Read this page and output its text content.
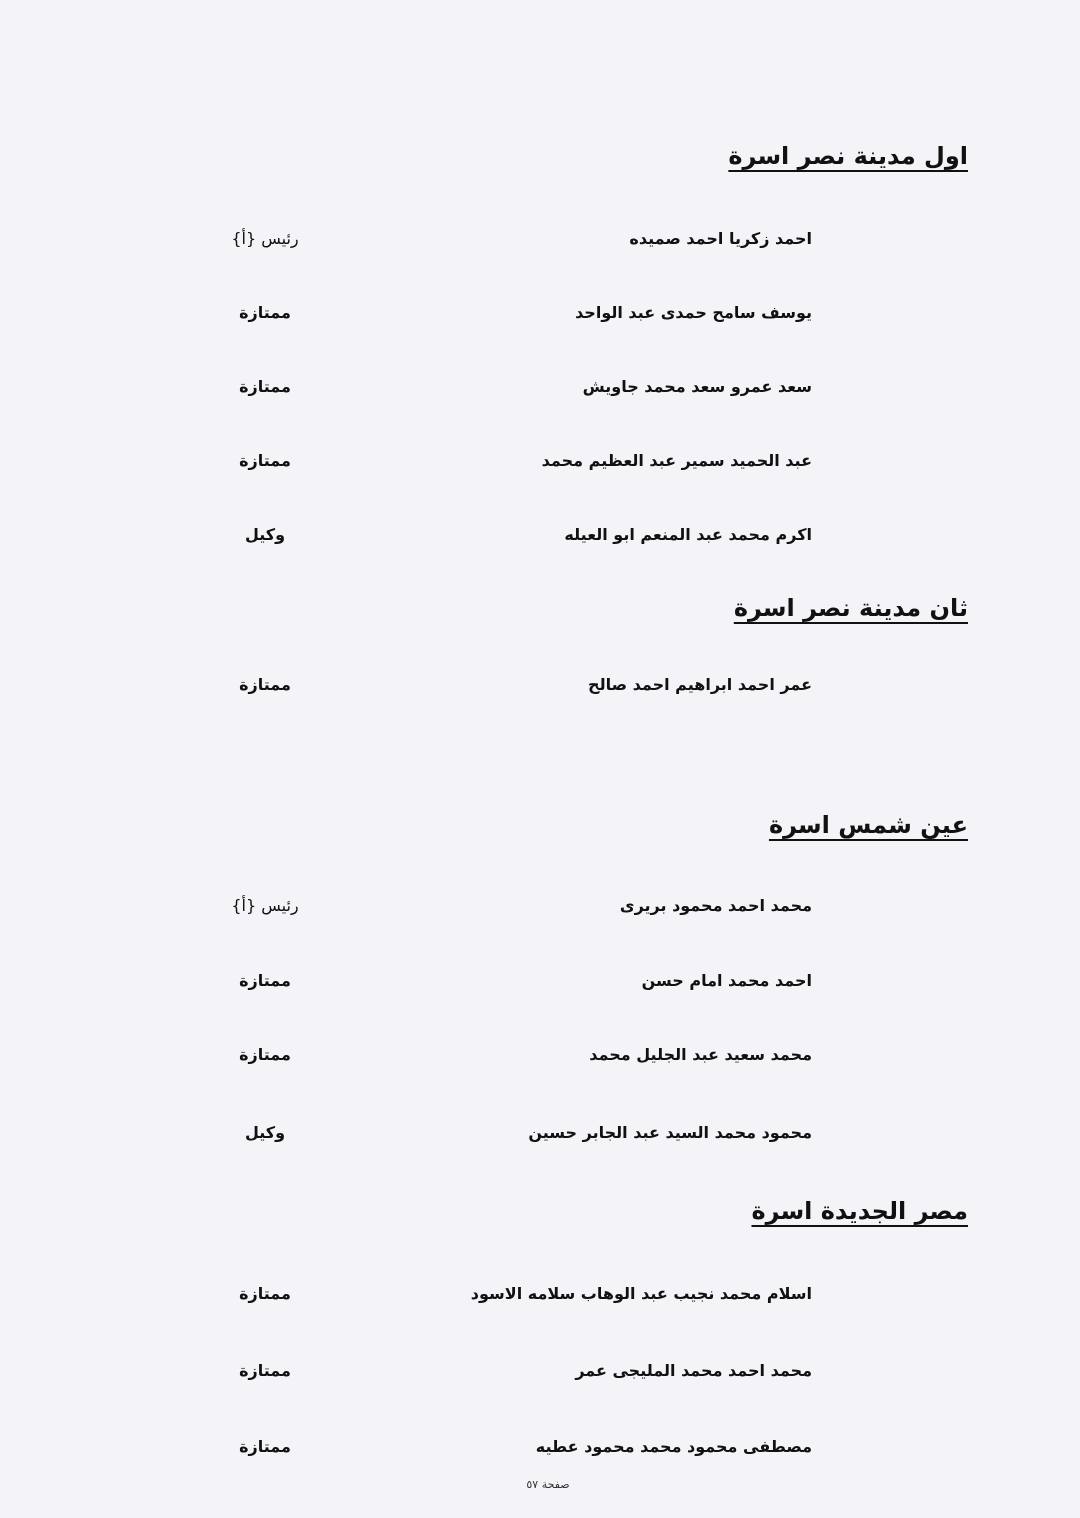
اول مدينة نصر اسرة
احمد زكريا احمد صميده
رئيس {أ}
يوسف سامح حمدى عبد الواحد
ممتازة
سعد عمرو سعد محمد جاويش
ممتازة
عبد الحميد سمير عبد العظيم محمد
ممتازة
اكرم محمد عبد المنعم ابو العيله
وكيل
ثان مدينة نصر اسرة
عمر احمد ابراهيم احمد صالح
ممتازة
عين شمس اسرة
محمد احمد محمود بريرى
رئيس {أ}
احمد محمد امام حسن
ممتازة
محمد سعيد عبد الجليل محمد
ممتازة
محمود محمد السيد عبد الجابر حسين
وكيل
مصر الجديدة اسرة
اسلام محمد نجيب عبد الوهاب سلامه الاسود
ممتازة
محمد احمد محمد المليجى عمر
ممتازة
مصطفى محمود محمد محمود عطيه
ممتازة
صفحة ٥٧
